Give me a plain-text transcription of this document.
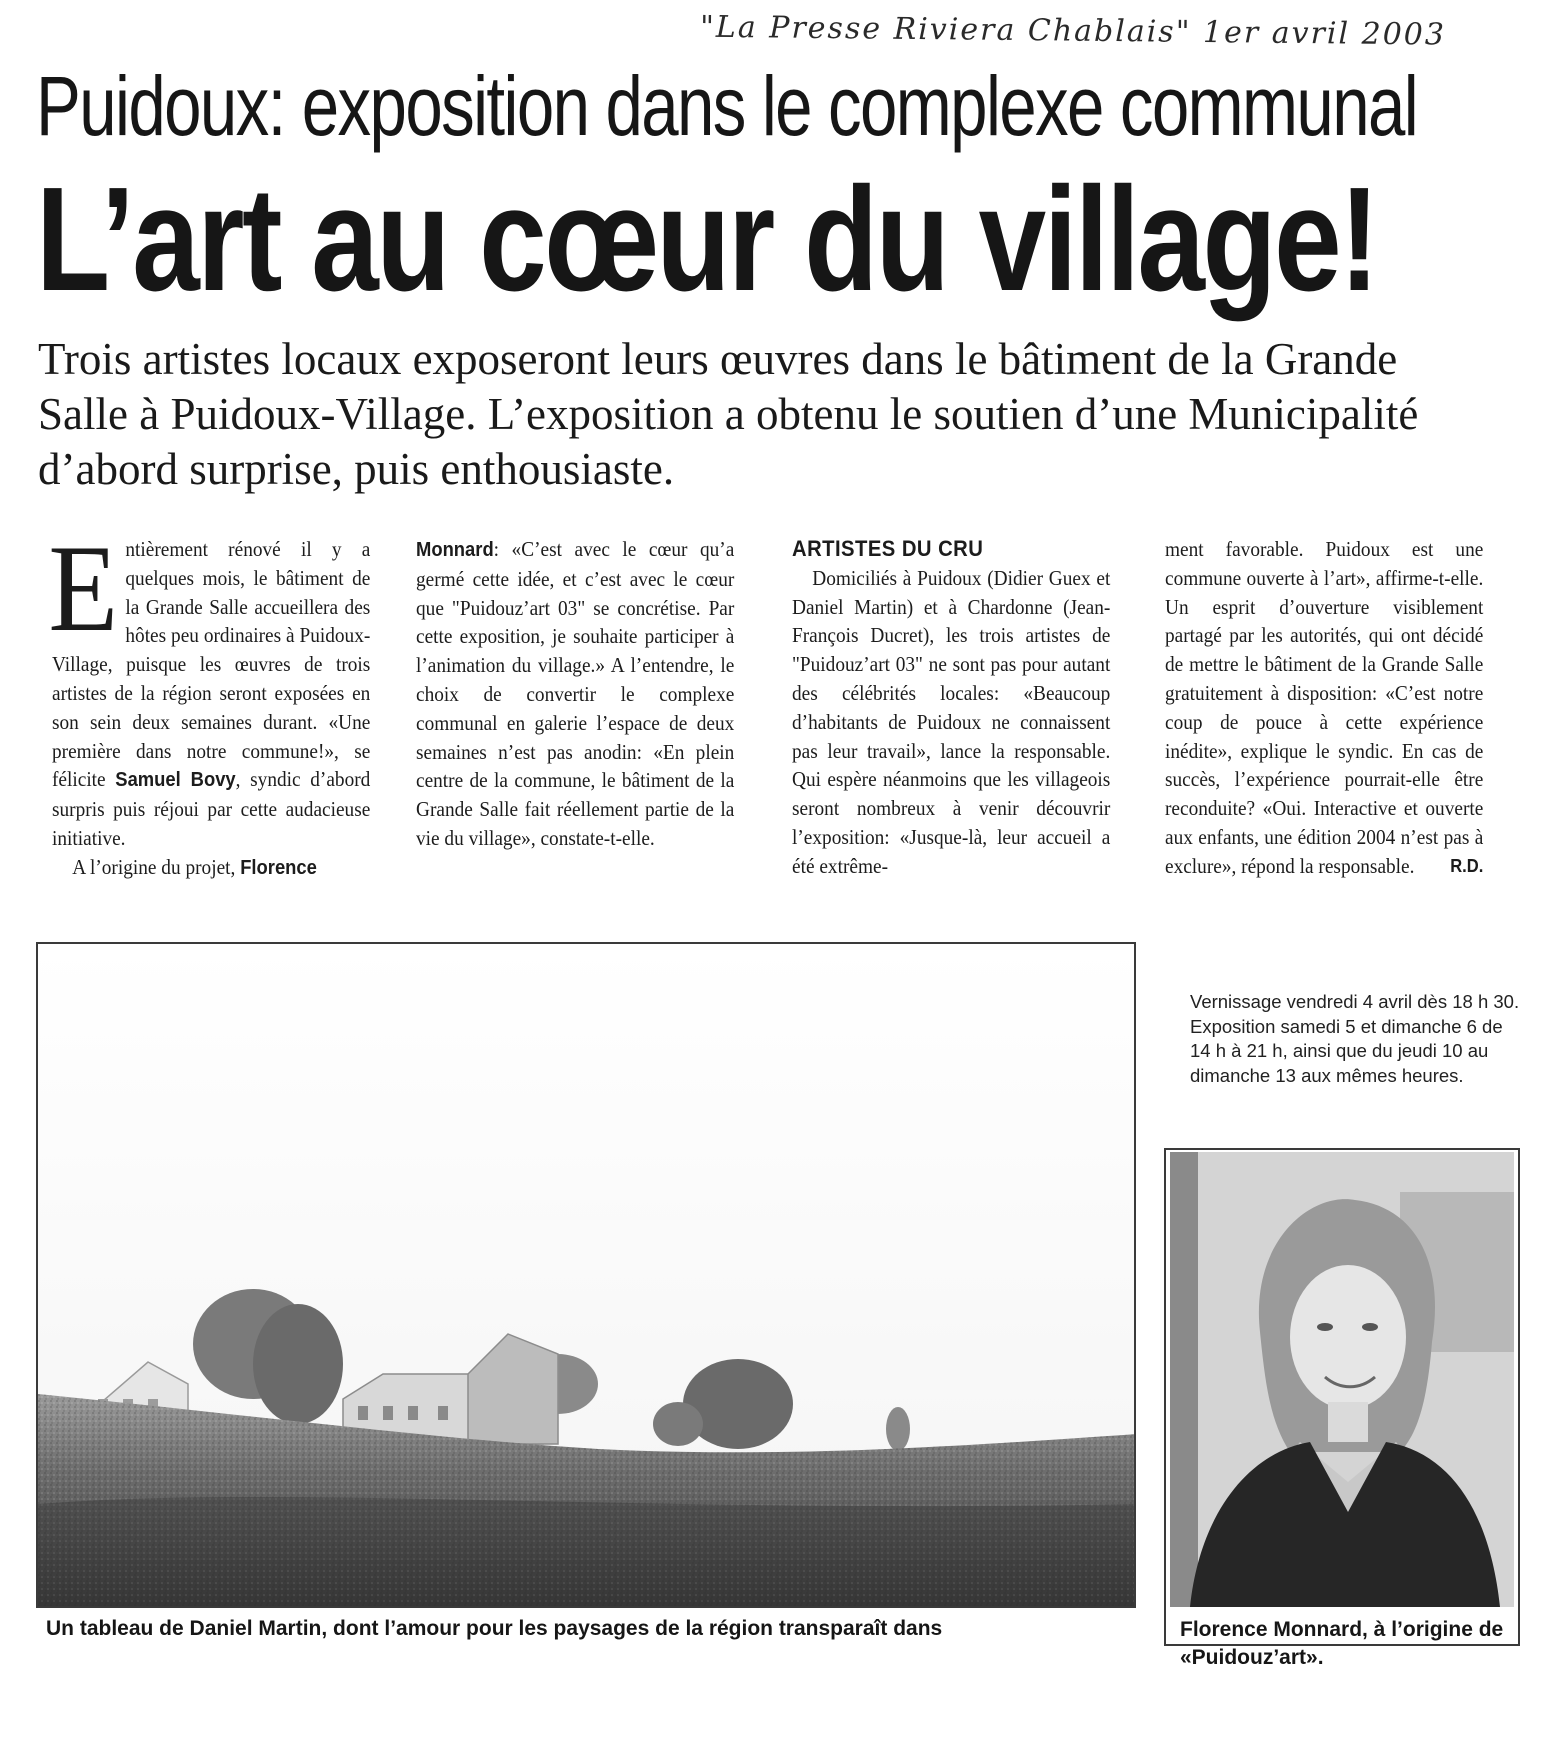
"La Presse Riviera Chablais" 1er avril 2003
Puidoux: exposition dans le complexe communal
L’art au cœur du village!
Trois artistes locaux exposeront leurs œuvres dans le bâtiment de la Grande Salle à Puidoux-Village. L’exposition a obtenu le soutien d’une Municipalité d’abord surprise, puis enthousiaste.

Entièrement rénové il y a quelques mois, le bâtiment de la Grande Salle accueillera des hôtes peu ordinaires à Puidoux-Village, puisque les œuvres de trois artistes de la région seront exposées en son sein deux semaines durant. «Une première dans notre commune!», se félicite Samuel Bovy, syndic d’abord surpris puis réjoui par cette audacieuse initiative.

A l’origine du projet, Florence

Monnard: «C’est avec le cœur qu’a germé cette idée, et c’est avec le cœur que "Puidouz’art 03" se concrétise. Par cette exposition, je souhaite participer à l’animation du village.» A l’entendre, le choix de convertir le complexe communal en galerie l’espace de deux semaines n’est pas anodin: «En plein centre de la commune, le bâtiment de la Grande Salle fait réellement partie de la vie du village», constate-t-elle.

ARTISTES DU CRU

Domiciliés à Puidoux (Didier Guex et Daniel Martin) et à Chardonne (Jean-François Ducret), les trois artistes de "Puidouz’art 03" ne sont pas pour autant des célébrités locales: «Beaucoup d’habitants de Puidoux ne connaissent pas leur travail», lance la responsable. Qui espère néanmoins que les villageois seront nombreux à venir découvrir l’exposition: «Jusque-là, leur accueil a été extrême-

ment favorable. Puidoux est une commune ouverte à l’art», affirme-t-elle. Un esprit d’ouverture visiblement partagé par les autorités, qui ont décidé de mettre le bâtiment de la Grande Salle gratuitement à disposition: «C’est notre coup de pouce à cette expérience inédite», explique le syndic. En cas de succès, l’expérience pourrait-elle être reconduite? «Oui. Interactive et ouverte aux enfants, une édition 2004 n’est pas à exclure», répond la responsable. R.D.

Vernissage vendredi 4 avril dès 18 h 30. Exposition samedi 5 et dimanche 6 de 14 h à 21 h, ainsi que du jeudi 10 au dimanche 13 aux mêmes heures.
Un tableau de Daniel Martin, dont l’amour pour les paysages de la région transparaît dans	Florence Monnard, à l’origine de «Puidouz’art».
